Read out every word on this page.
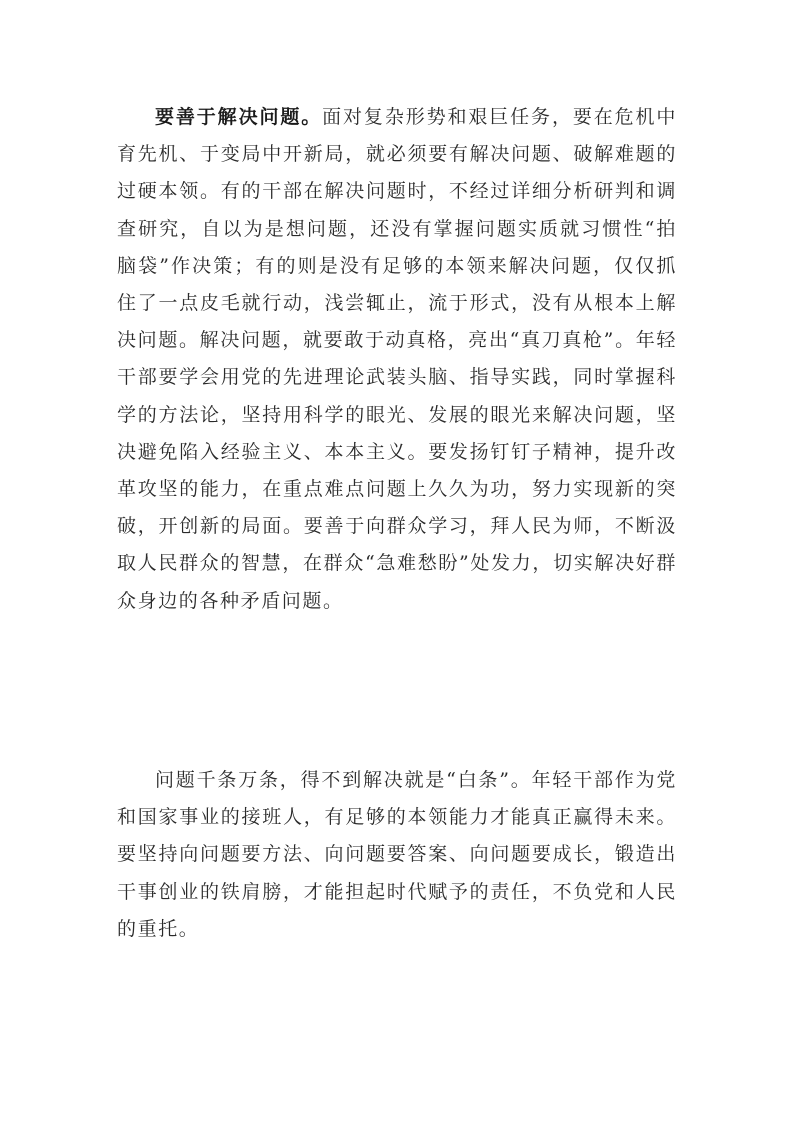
要善于解决问题。面对复杂形势和艰巨任务，要在危机中育先机、于变局中开新局，就必须要有解决问题、破解难题的过硬本领。有的干部在解决问题时，不经过详细分析研判和调查研究，自以为是想问题，还没有掌握问题实质就习惯性“拍脑袋”作决策；有的则是没有足够的本领来解决问题，仅仅抓住了一点皮毛就行动，浅尝辄止，流于形式，没有从根本上解决问题。解决问题，就要敢于动真格，亮出“真刀真枪”。年轻干部要学会用党的先进理论武装头脑、指导实践，同时掌握科学的方法论，坚持用科学的眼光、发展的眼光来解决问题，坚决避免陷入经验主义、本本主义。要发扬钉钉子精神，提升改革攻坚的能力，在重点难点问题上久久为功，努力实现新的突破，开创新的局面。要善于向群众学习，拜人民为师，不断汲取人民群众的智慧，在群众“急难愁盼”处发力，切实解决好群众身边的各种矛盾问题。

问题千条万条，得不到解决就是“白条”。年轻干部作为党和国家事业的接班人，有足够的本领能力才能真正赢得未来。要坚持向问题要方法、向问题要答案、向问题要成长，锻造出干事创业的铁肩膀，才能担起时代赋予的责任，不负党和人民的重托。
